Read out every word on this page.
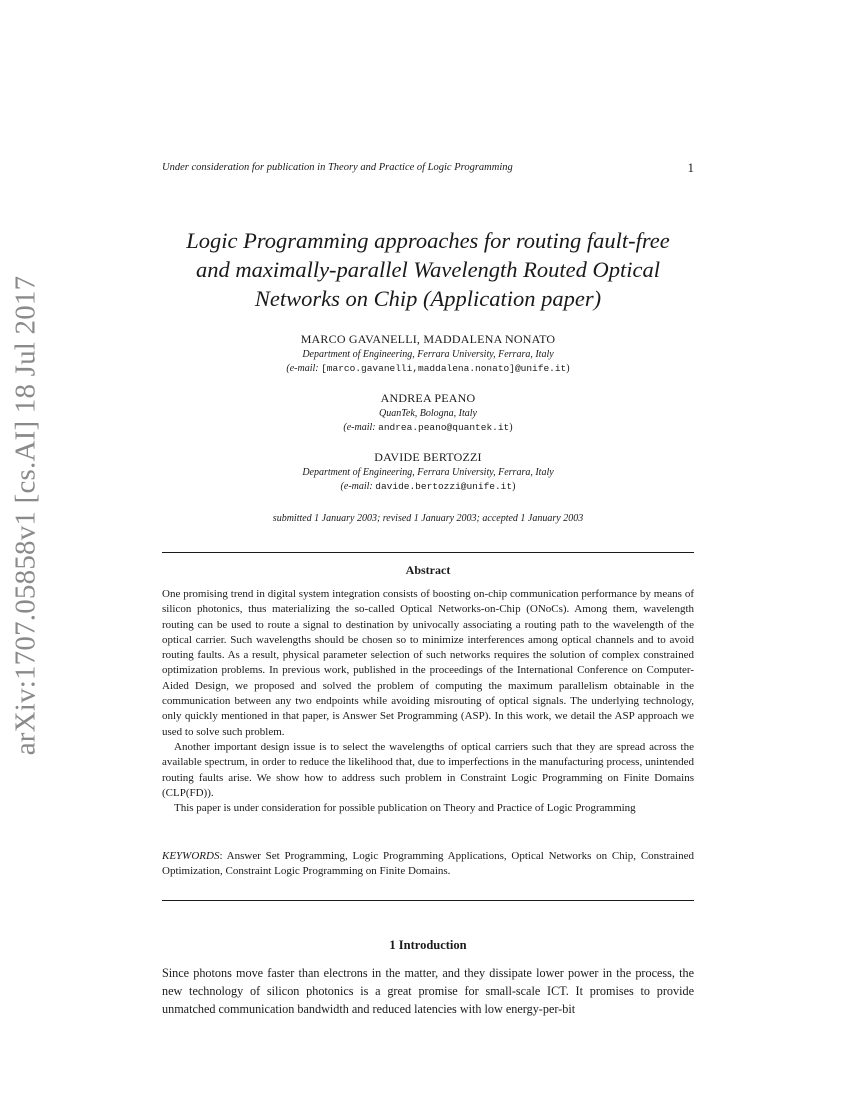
arXiv:1707.05858v1 [cs.AI] 18 Jul 2017
Under consideration for publication in Theory and Practice of Logic Programming	1
Logic Programming approaches for routing fault-free
and maximally-parallel Wavelength Routed Optical
Networks on Chip (Application paper)
MARCO GAVANELLI, MADDALENA NONATO
Department of Engineering, Ferrara University, Ferrara, Italy
(e-mail: [marco.gavanelli,maddalena.nonato]@unife.it)
ANDREA PEANO
QuanTek, Bologna, Italy
(e-mail: andrea.peano@quantek.it)
DAVIDE BERTOZZI
Department of Engineering, Ferrara University, Ferrara, Italy
(e-mail: davide.bertozzi@unife.it)
submitted 1 January 2003; revised 1 January 2003; accepted 1 January 2003
Abstract

One promising trend in digital system integration consists of boosting on-chip communication performance by means of silicon photonics, thus materializing the so-called Optical Networks-on-Chip (ONoCs). Among them, wavelength routing can be used to route a signal to destination by univocally associating a routing path to the wavelength of the optical carrier. Such wavelengths should be chosen so to minimize interferences among optical channels and to avoid routing faults. As a result, physical parameter selection of such networks requires the solution of complex constrained optimization problems. In previous work, published in the proceedings of the International Conference on Computer-Aided Design, we proposed and solved the problem of computing the maximum parallelism obtainable in the communication between any two endpoints while avoiding misrouting of optical signals. The underlying technology, only quickly mentioned in that paper, is Answer Set Programming (ASP). In this work, we detail the ASP approach we used to solve such problem.

Another important design issue is to select the wavelengths of optical carriers such that they are spread across the available spectrum, in order to reduce the likelihood that, due to imperfections in the manufacturing process, unintended routing faults arise. We show how to address such problem in Constraint Logic Programming on Finite Domains (CLP(FD)).

This paper is under consideration for possible publication on Theory and Practice of Logic Programming

KEYWORDS: Answer Set Programming, Logic Programming Applications, Optical Networks on Chip, Constrained Optimization, Constraint Logic Programming on Finite Domains.
1 Introduction

Since photons move faster than electrons in the matter, and they dissipate lower power in the process, the new technology of silicon photonics is a great promise for small-scale ICT. It promises to provide unmatched communication bandwidth and reduced latencies with low energy-per-bit
